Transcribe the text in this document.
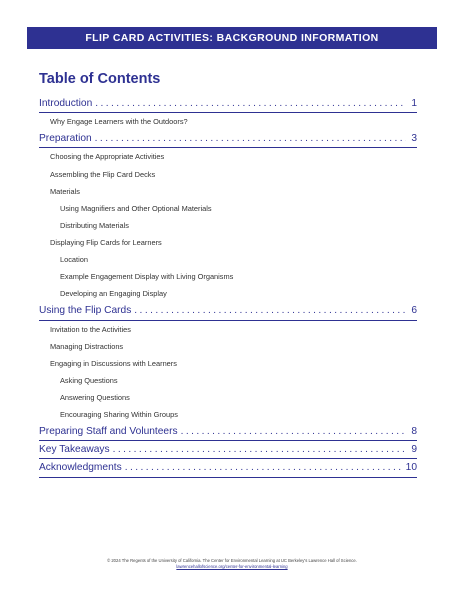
FLIP CARD ACTIVITIES: BACKGROUND INFORMATION
Table of Contents
Introduction . . .	1
Why Engage Learners with the Outdoors?
Preparation . . .	3
Choosing the Appropriate Activities
Assembling the Flip Card Decks
Materials
Using Magnifiers and Other Optional Materials
Distributing Materials
Displaying Flip Cards for Learners
Location
Example Engagement Display with Living Organisms
Developing an Engaging Display
Using the Flip Cards . . .	6
Invitation to the Activities
Managing Distractions
Engaging in Discussions with Learners
Asking Questions
Answering Questions
Encouraging Sharing Within Groups
Preparing Staff and Volunteers . . .	8
Key Takeaways . . .	9
Acknowledgments . . .	10
© 2024 The Regents of the University of California. The Center for Environmental Learning at UC Berkeley's Lawrence Hall of Science.
lawrencehallofscience.org/center-for-environmental-learning
